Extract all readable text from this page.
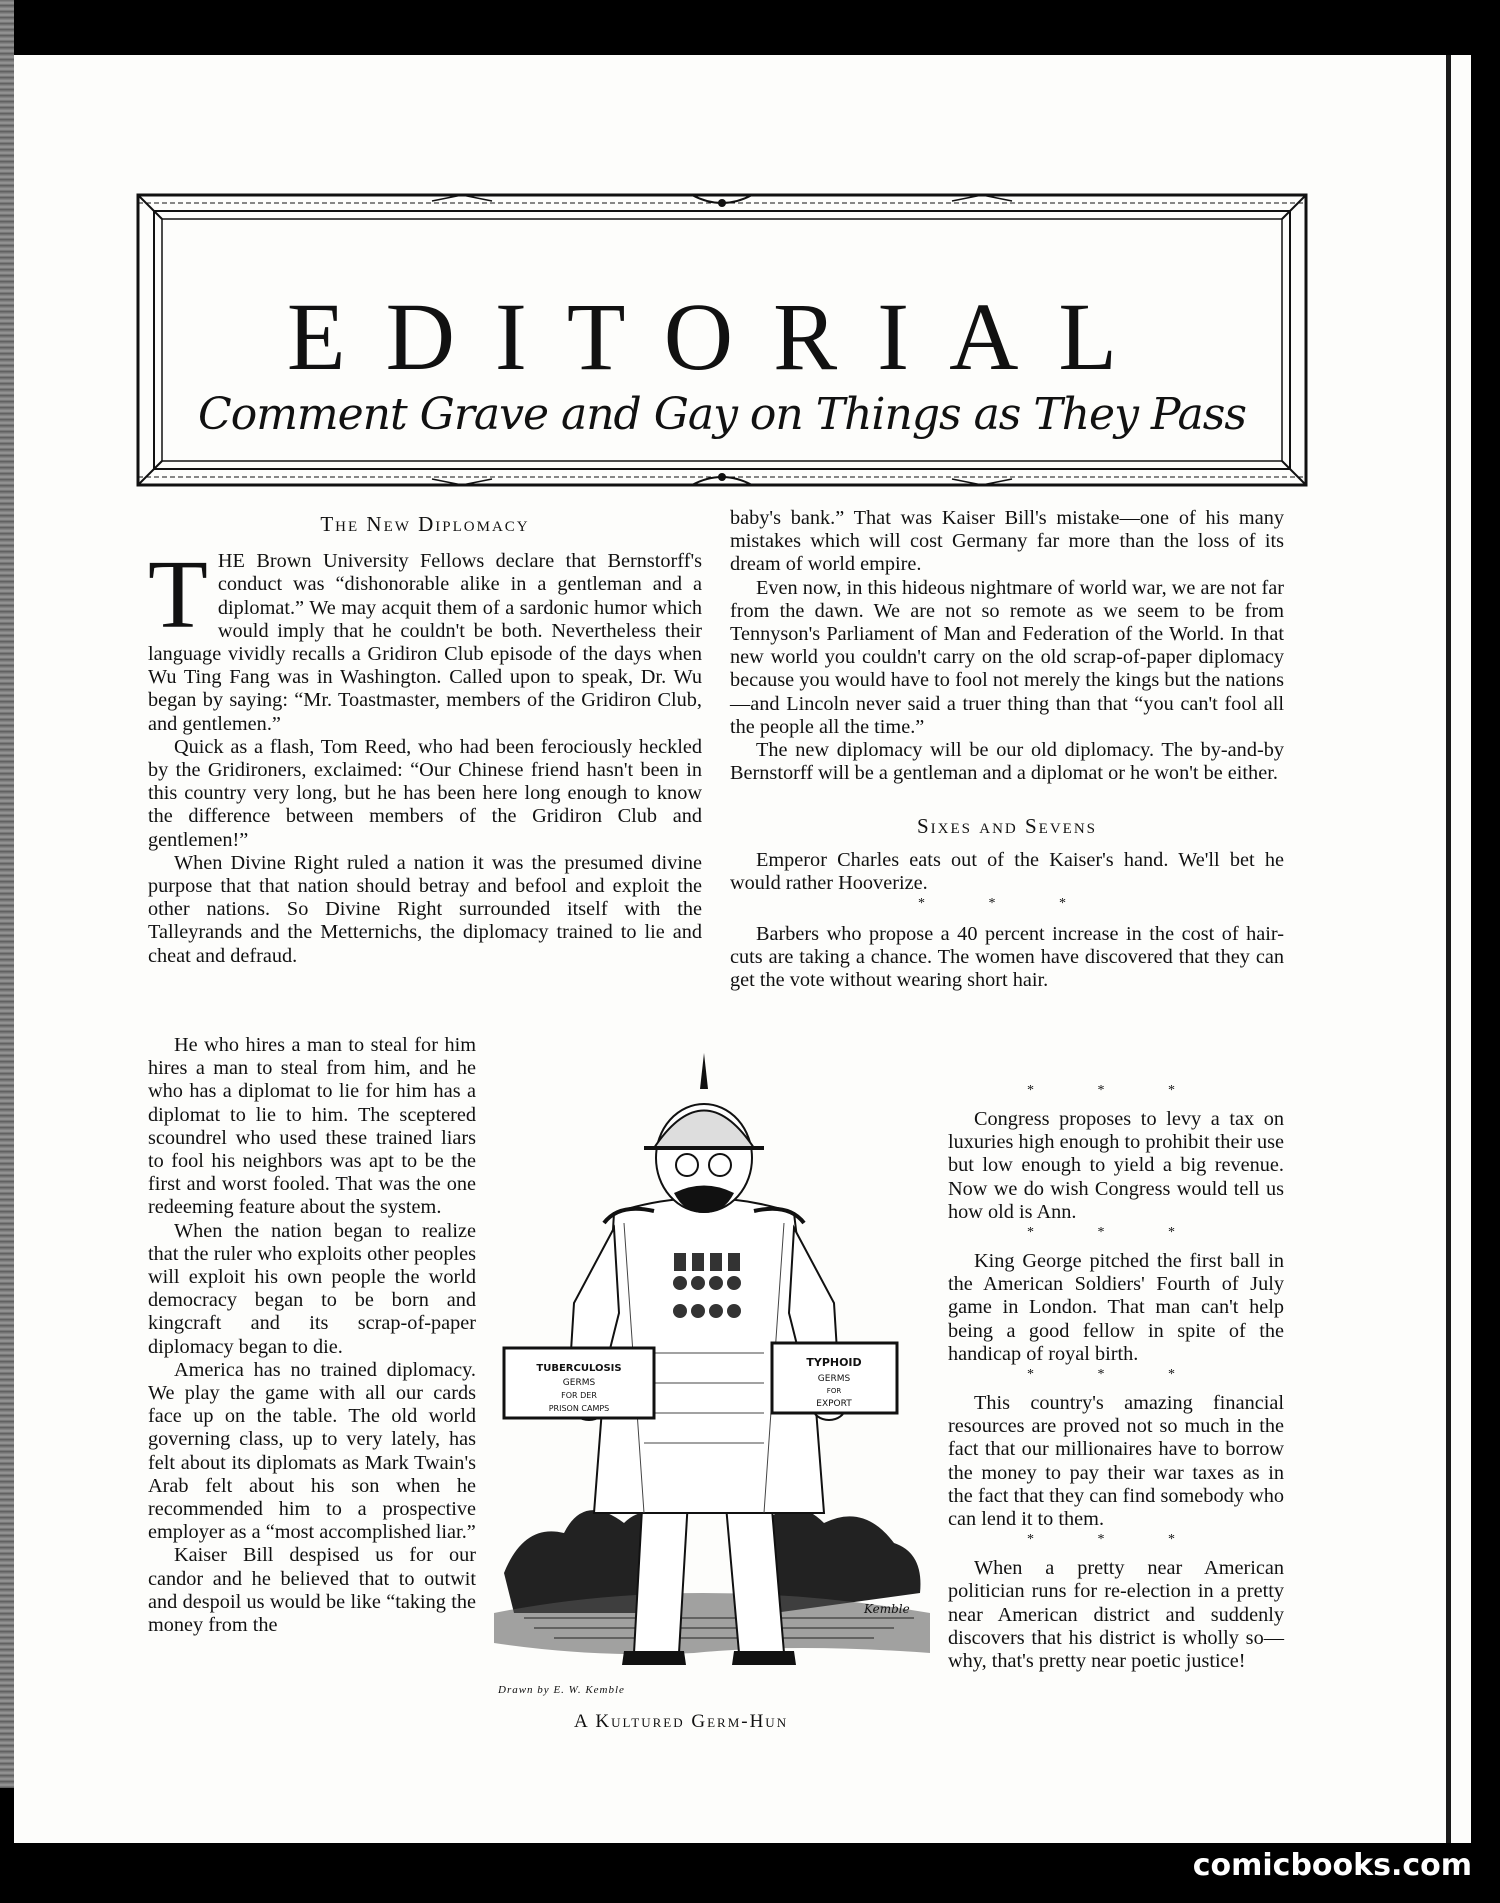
EDITORIAL
Comment Grave and Gay on Things as They Pass

The New Diplomacy

THE Brown University Fellows declare that Bernstorff's conduct was “dishonorable alike in a gentleman and a diplomat.” We may acquit them of a sardonic humor which would imply that he couldn't be both. Nevertheless their language vividly recalls a Gridiron Club episode of the days when Wu Ting Fang was in Washington. Called upon to speak, Dr. Wu began by saying: “Mr. Toastmaster, members of the Gridiron Club, and gentlemen.”

Quick as a flash, Tom Reed, who had been ferociously heckled by the Gridironers, exclaimed: “Our Chinese friend hasn't been in this country very long, but he has been here long enough to know the difference between members of the Gridiron Club and gentlemen!”

When Divine Right ruled a nation it was the presumed divine purpose that that nation should betray and befool and exploit the other nations. So Divine Right surrounded itself with the Talleyrands and the Metternichs, the diplomacy trained to lie and cheat and defraud.

He who hires a man to steal for him hires a man to steal from him, and he who has a diplomat to lie for him has a diplomat to lie to him. The sceptered scoundrel who used these trained liars to fool his neighbors was apt to be the first and worst fooled. That was the one redeeming feature about the system.

When the nation began to realize that the ruler who exploits other peoples will exploit his own people the world democracy began to be born and kingcraft and its scrap-of-paper diplomacy began to die.

America has no trained diplomacy. We play the game with all our cards face up on the table. The old world governing class, up to very lately, has felt about its diplomats as Mark Twain's Arab felt about his son when he recommended him to a prospective employer as a “most accomplished liar.”

Kaiser Bill despised us for our candor and he believed that to outwit and despoil us would be like “taking the money from the

baby's bank.” That was Kaiser Bill's mistake—one of his many mistakes which will cost Germany far more than the loss of its dream of world empire.

Even now, in this hideous nightmare of world war, we are not far from the dawn. We are not so remote as we seem to be from Tennyson's Parliament of Man and Federation of the World. In that new world you couldn't carry on the old scrap-of-paper diplomacy because you would have to fool not merely the kings but the nations—and Lincoln never said a truer thing than that “you can't fool all the people all the time.”

The new diplomacy will be our old diplomacy. The by-and-by Bernstorff will be a gentleman and a diplomat or he won't be either.

Sixes and Sevens

Emperor Charles eats out of the Kaiser's hand. We'll bet he would rather Hooverize.

* * *

Barbers who propose a 40 percent increase in the cost of hair-cuts are taking a chance. The women have discovered that they can get the vote without wearing short hair.

* * *

Congress proposes to levy a tax on luxuries high enough to prohibit their use but low enough to yield a big revenue. Now we do wish Congress would tell us how old is Ann.

* * *

King George pitched the first ball in the American Soldiers' Fourth of July game in London. That man can't help being a good fellow in spite of the handicap of royal birth.

* * *

This country's amazing financial resources are proved not so much in the fact that our millionaires have to borrow the money to pay their war taxes as in the fact that they can find somebody who can lend it to them.

* * *

When a pretty near American politician runs for re-election in a pretty near American district and suddenly discovers that his district is wholly so—why, that's pretty near poetic justice!

TUBERCULOSIS
GERMS
FOR DER
PRISON CAMPS
TYPHOID
GERMS
FOR
EXPORT
Kemble
Drawn by E. W. Kemble
A Kultured Germ-Hun
comicbooks.com
